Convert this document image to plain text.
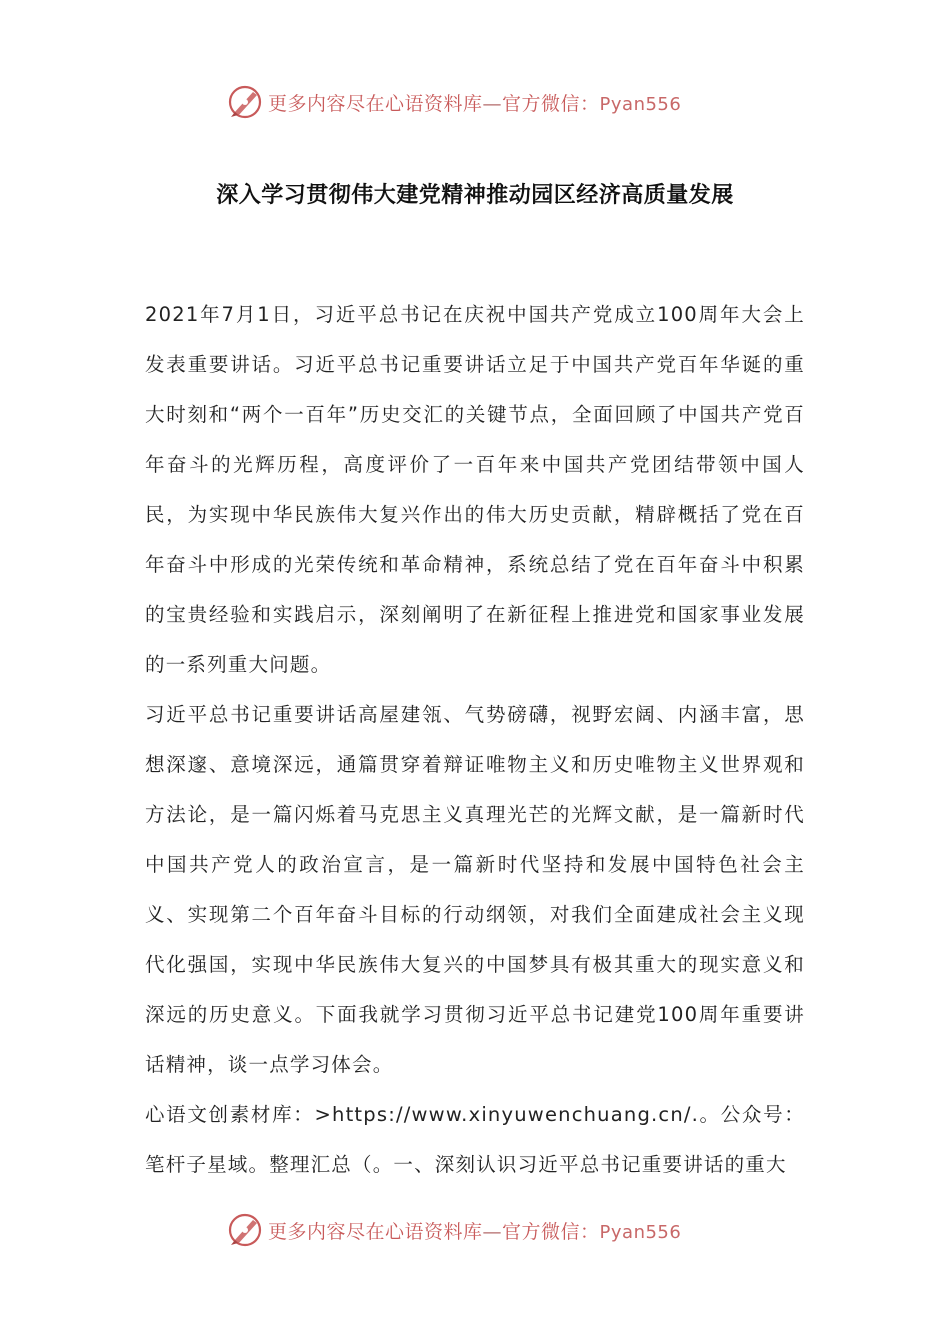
更多内容尽在心语资料库—官方微信：Pyan556
深入学习贯彻伟大建党精神推动园区经济高质量发展

2021年7月1日，习近平总书记在庆祝中国共产党成立100周年大会上发表重要讲话。习近平总书记重要讲话立足于中国共产党百年华诞的重大时刻和“两个一百年”历史交汇的关键节点，全面回顾了中国共产党百年奋斗的光辉历程，高度评价了一百年来中国共产党团结带领中国人民，为实现中华民族伟大复兴作出的伟大历史贡献，精辟概括了党在百年奋斗中形成的光荣传统和革命精神，系统总结了党在百年奋斗中积累的宝贵经验和实践启示，深刻阐明了在新征程上推进党和国家事业发展的一系列重大问题。

习近平总书记重要讲话高屋建瓴、气势磅礴，视野宏阔、内涵丰富，思想深邃、意境深远，通篇贯穿着辩证唯物主义和历史唯物主义世界观和方法论，是一篇闪烁着马克思主义真理光芒的光辉文献，是一篇新时代中国共产党人的政治宣言，是一篇新时代坚持和发展中国特色社会主义、实现第二个百年奋斗目标的行动纲领，对我们全面建成社会主义现代化强国，实现中华民族伟大复兴的中国梦具有极其重大的现实意义和深远的历史意义。下面我就学习贯彻习近平总书记建党100周年重要讲话精神，谈一点学习体会。

心语文创素材库：>https://www.xinyuwenchuang.cn/.。公众号：笔杆子星域。整理汇总（。一、深刻认识习近平总书记重要讲话的重大

更多内容尽在心语资料库—官方微信：Pyan556
